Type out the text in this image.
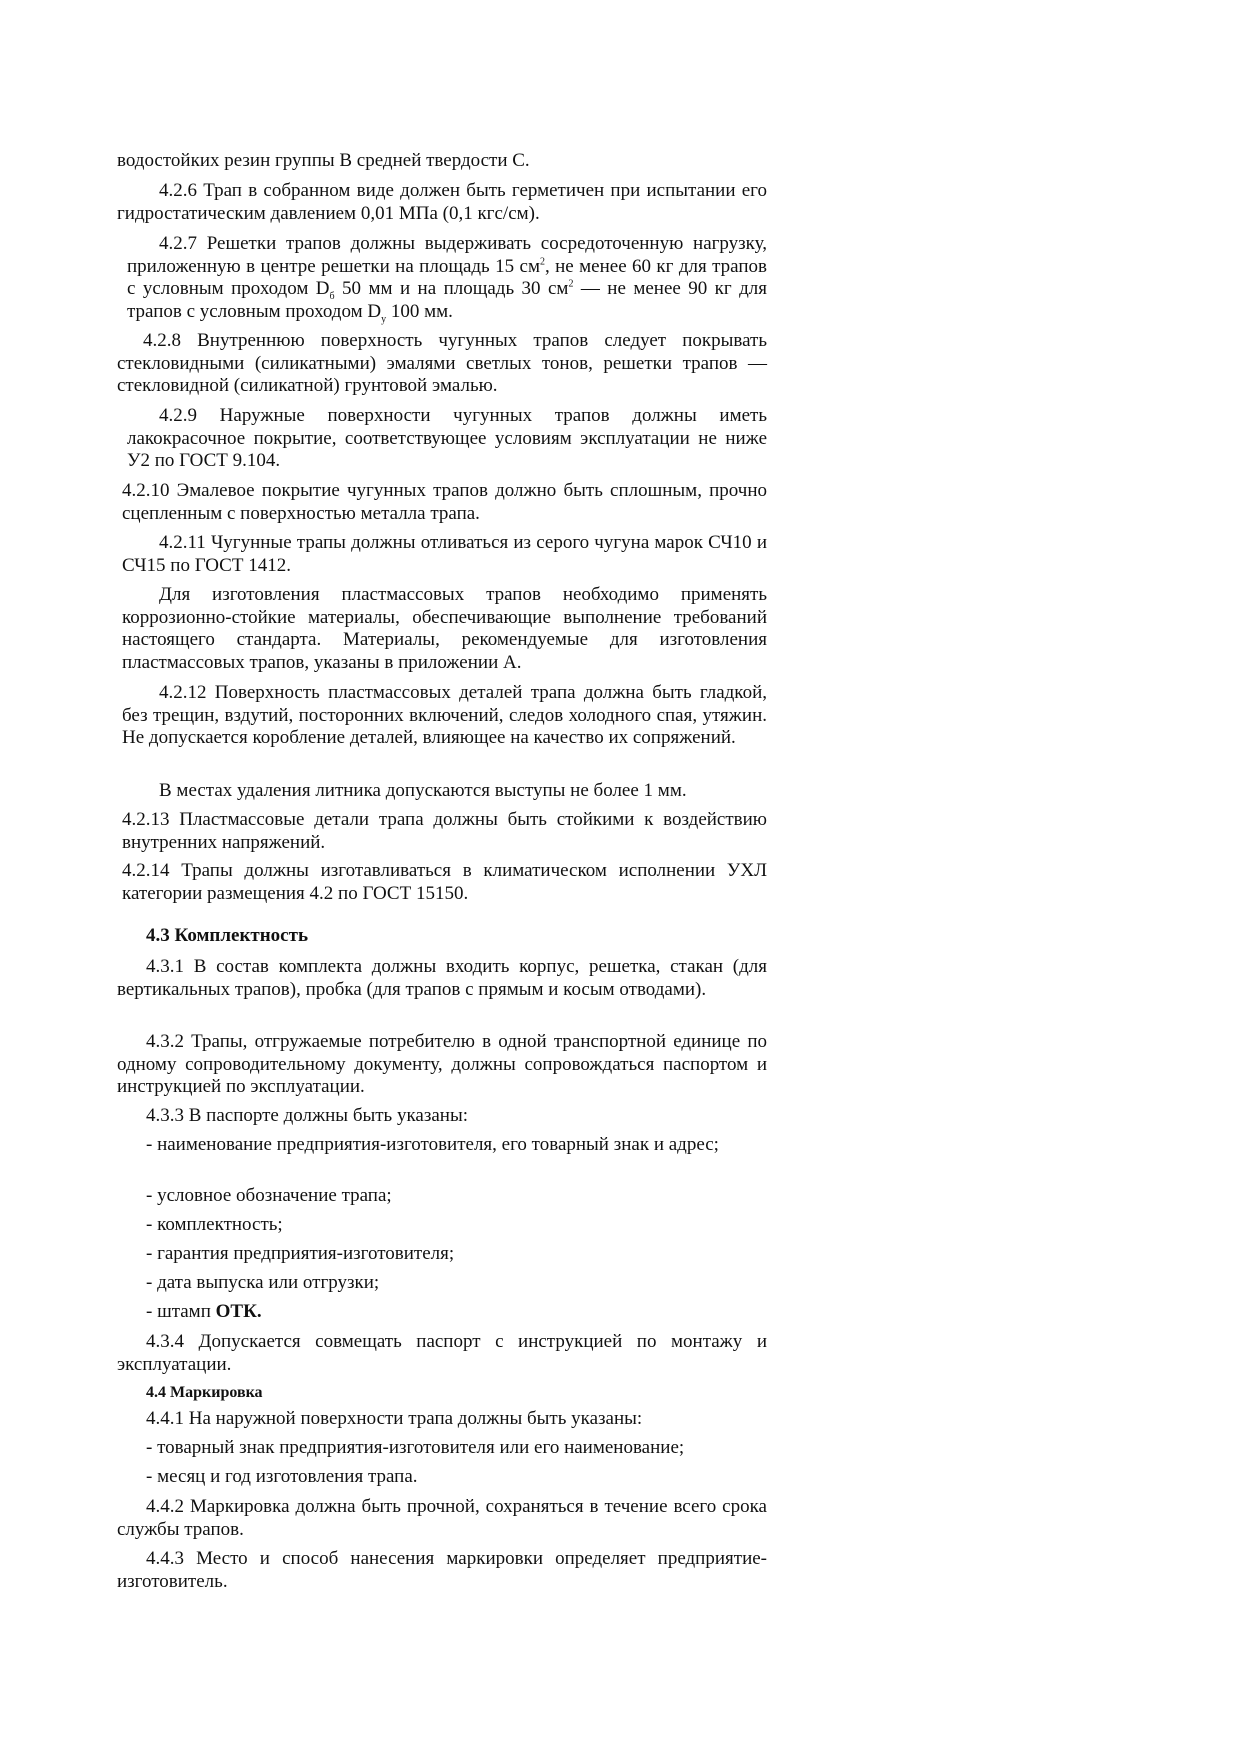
водостойких резин группы В средней твердости С.

4.2.6 Трап в собранном виде должен быть герметичен при испытании его гидростатическим давлением 0,01 МПа (0,1 кгс/см).

4.2.7 Решетки трапов должны выдерживать сосредоточенную нагрузку, приложенную в центре решетки на площадь 15 $см^2$, не менее 60 кг для трапов с условным проходом $D_б$ 50 мм и на площадь 30 $см^2$ — не менее 90 кг для трапов с условным проходом $D_у$ 100 мм.

4.2.8 Внутреннюю поверхность чугунных трапов следует покрывать стекловидными (силикатными) эмалями светлых тонов, решетки трапов — стекловидной (силикатной) грунтовой эмалью.

4.2.9 Наружные поверхности чугунных трапов должны иметь лакокрасочное покрытие, соответствующее условиям эксплуатации не ниже У2 по ГОСТ 9.104.

4.2.10 Эмалевое покрытие чугунных трапов должно быть сплошным, прочно сцепленным с поверхностью металла трапа.

4.2.11 Чугунные трапы должны отливаться из серого чугуна марок СЧ10 и СЧ15 по ГОСТ 1412.

Для изготовления пластмассовых трапов необходимо применять коррозионно-стойкие материалы, обеспечивающие выполнение требований настоящего стандарта. Материалы, рекомендуемые для изготовления пластмассовых трапов, указаны в приложении А.

4.2.12 Поверхность пластмассовых деталей трапа должна быть гладкой, без трещин, вздутий, посторонних включений, следов холодного спая, утяжин. Не допускается коробление деталей, влияющее на качество их сопряжений.

В местах удаления литника допускаются выступы не более 1 мм.

4.2.13 Пластмассовые детали трапа должны быть стойкими к воздействию внутренних напряжений.

4.2.14 Трапы должны изготавливаться в климатическом исполнении УХЛ категории размещения 4.2 по ГОСТ 15150.

4.3 Комплектность

4.3.1 В состав комплекта должны входить корпус, решетка, стакан (для вертикальных трапов), пробка (для трапов с прямым и косым отводами).

4.3.2 Трапы, отгружаемые потребителю в одной транспортной единице по одному сопроводительному документу, должны сопровождаться паспортом и инструкцией по эксплуатации.

4.3.3 В паспорте должны быть указаны:

- наименование предприятия-изготовителя, его товарный знак и адрес;

- условное обозначение трапа;

- комплектность;

- гарантия предприятия-изготовителя;

- дата выпуска или отгрузки;

- штамп ОТК.

4.3.4 Допускается совмещать паспорт с инструкцией по монтажу и эксплуатации.

4.4 Маркировка

4.4.1 На наружной поверхности трапа должны быть указаны:

- товарный знак предприятия-изготовителя или его наименование;

- месяц и год изготовления трапа.

4.4.2 Маркировка должна быть прочной, сохраняться в течение всего срока службы трапов.

4.4.3 Место и способ нанесения маркировки определяет предприятие-изготовитель.
